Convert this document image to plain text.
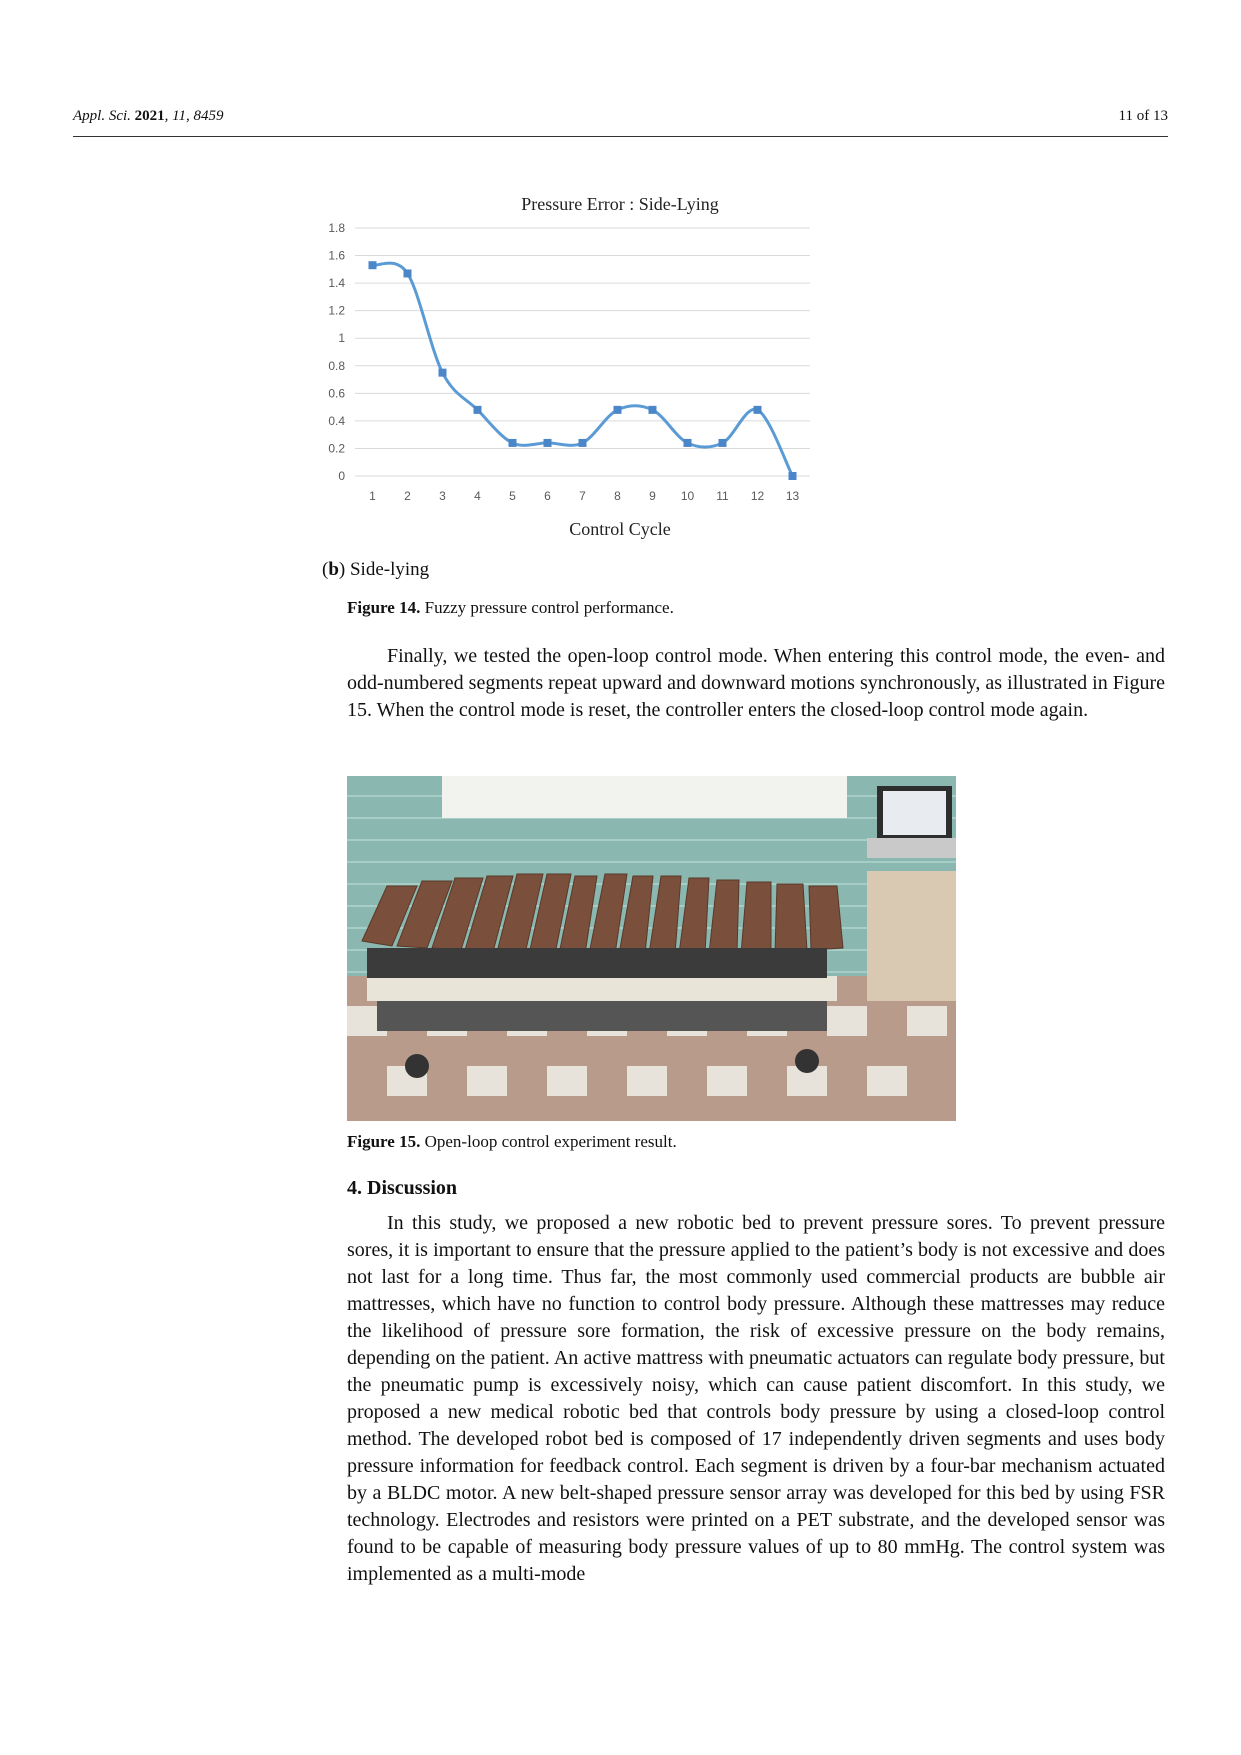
Appl. Sci. 2021, 11, 8459	11 of 13
Pressure Error : Side-Lying
0
0.2
0.4
0.6
0.8
1
1.2
1.4
1.6
1.8
1 2 3 4 5 6 7 8 9 10 11 12 13
Control Cycle
(b) Side-lying
Figure 14. Fuzzy pressure control performance.

Finally, we tested the open-loop control mode. When entering this control mode, the even- and odd-numbered segments repeat upward and downward motions synchronously, as illustrated in Figure 15. When the control mode is reset, the controller enters the closed-loop control mode again.

Figure 15. Open-loop control experiment result.
4. Discussion

In this study, we proposed a new robotic bed to prevent pressure sores. To prevent pressure sores, it is important to ensure that the pressure applied to the patient’s body is not excessive and does not last for a long time. Thus far, the most commonly used commercial products are bubble air mattresses, which have no function to control body pressure. Although these mattresses may reduce the likelihood of pressure sore formation, the risk of excessive pressure on the body remains, depending on the patient. An active mattress with pneumatic actuators can regulate body pressure, but the pneumatic pump is excessively noisy, which can cause patient discomfort. In this study, we proposed a new medical robotic bed that controls body pressure by using a closed-loop control method. The developed robot bed is composed of 17 independently driven segments and uses body pressure information for feedback control. Each segment is driven by a four-bar mechanism actuated by a BLDC motor. A new belt-shaped pressure sensor array was developed for this bed by using FSR technology. Electrodes and resistors were printed on a PET substrate, and the developed sensor was found to be capable of measuring body pressure values of up to 80 mmHg. The control system was implemented as a multi-mode
